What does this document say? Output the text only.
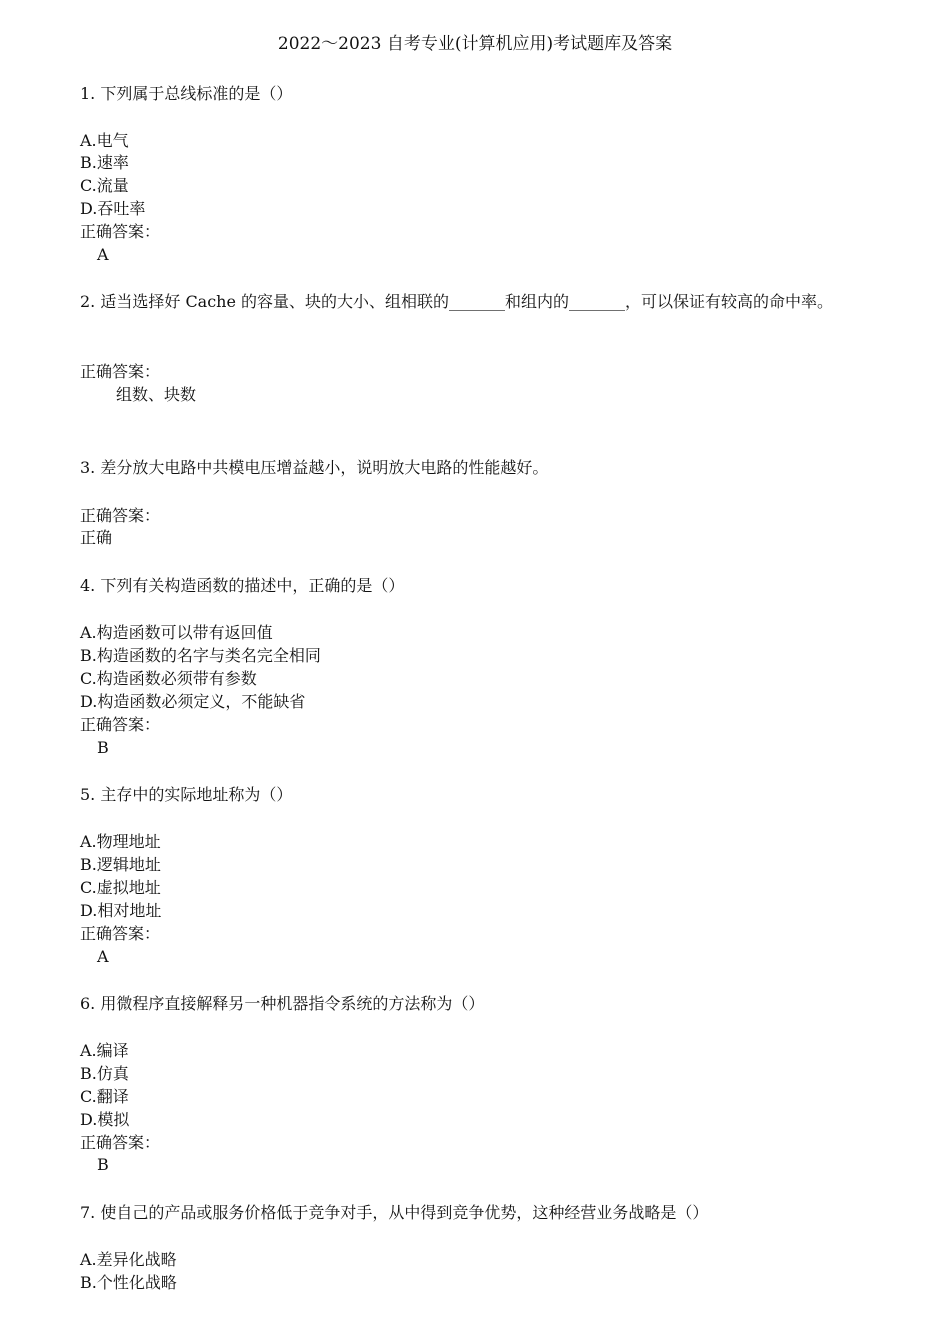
2022～2023 自考专业(计算机应用)考试题库及答案
1. 下列属于总线标准的是（）
A.电气
B.速率
C.流量
D.吞吐率
正确答案：
A
2. 适当选择好 Cache 的容量、块的大小、组相联的_______和组内的_______，可以保证有较高的命中率。
正确答案：
组数、块数
3. 差分放大电路中共模电压增益越小，说明放大电路的性能越好。
正确答案：
正确
4. 下列有关构造函数的描述中，正确的是（）
A.构造函数可以带有返回值
B.构造函数的名字与类名完全相同
C.构造函数必须带有参数
D.构造函数必须定义，不能缺省
正确答案：
B
5. 主存中的实际地址称为（）
A.物理地址
B.逻辑地址
C.虚拟地址
D.相对地址
正确答案：
A
6. 用微程序直接解释另一种机器指令系统的方法称为（）
A.编译
B.仿真
C.翻译
D.模拟
正确答案：
B
7. 使自己的产品或服务价格低于竞争对手，从中得到竞争优势，这种经营业务战略是（）
A.差异化战略
B.个性化战略
